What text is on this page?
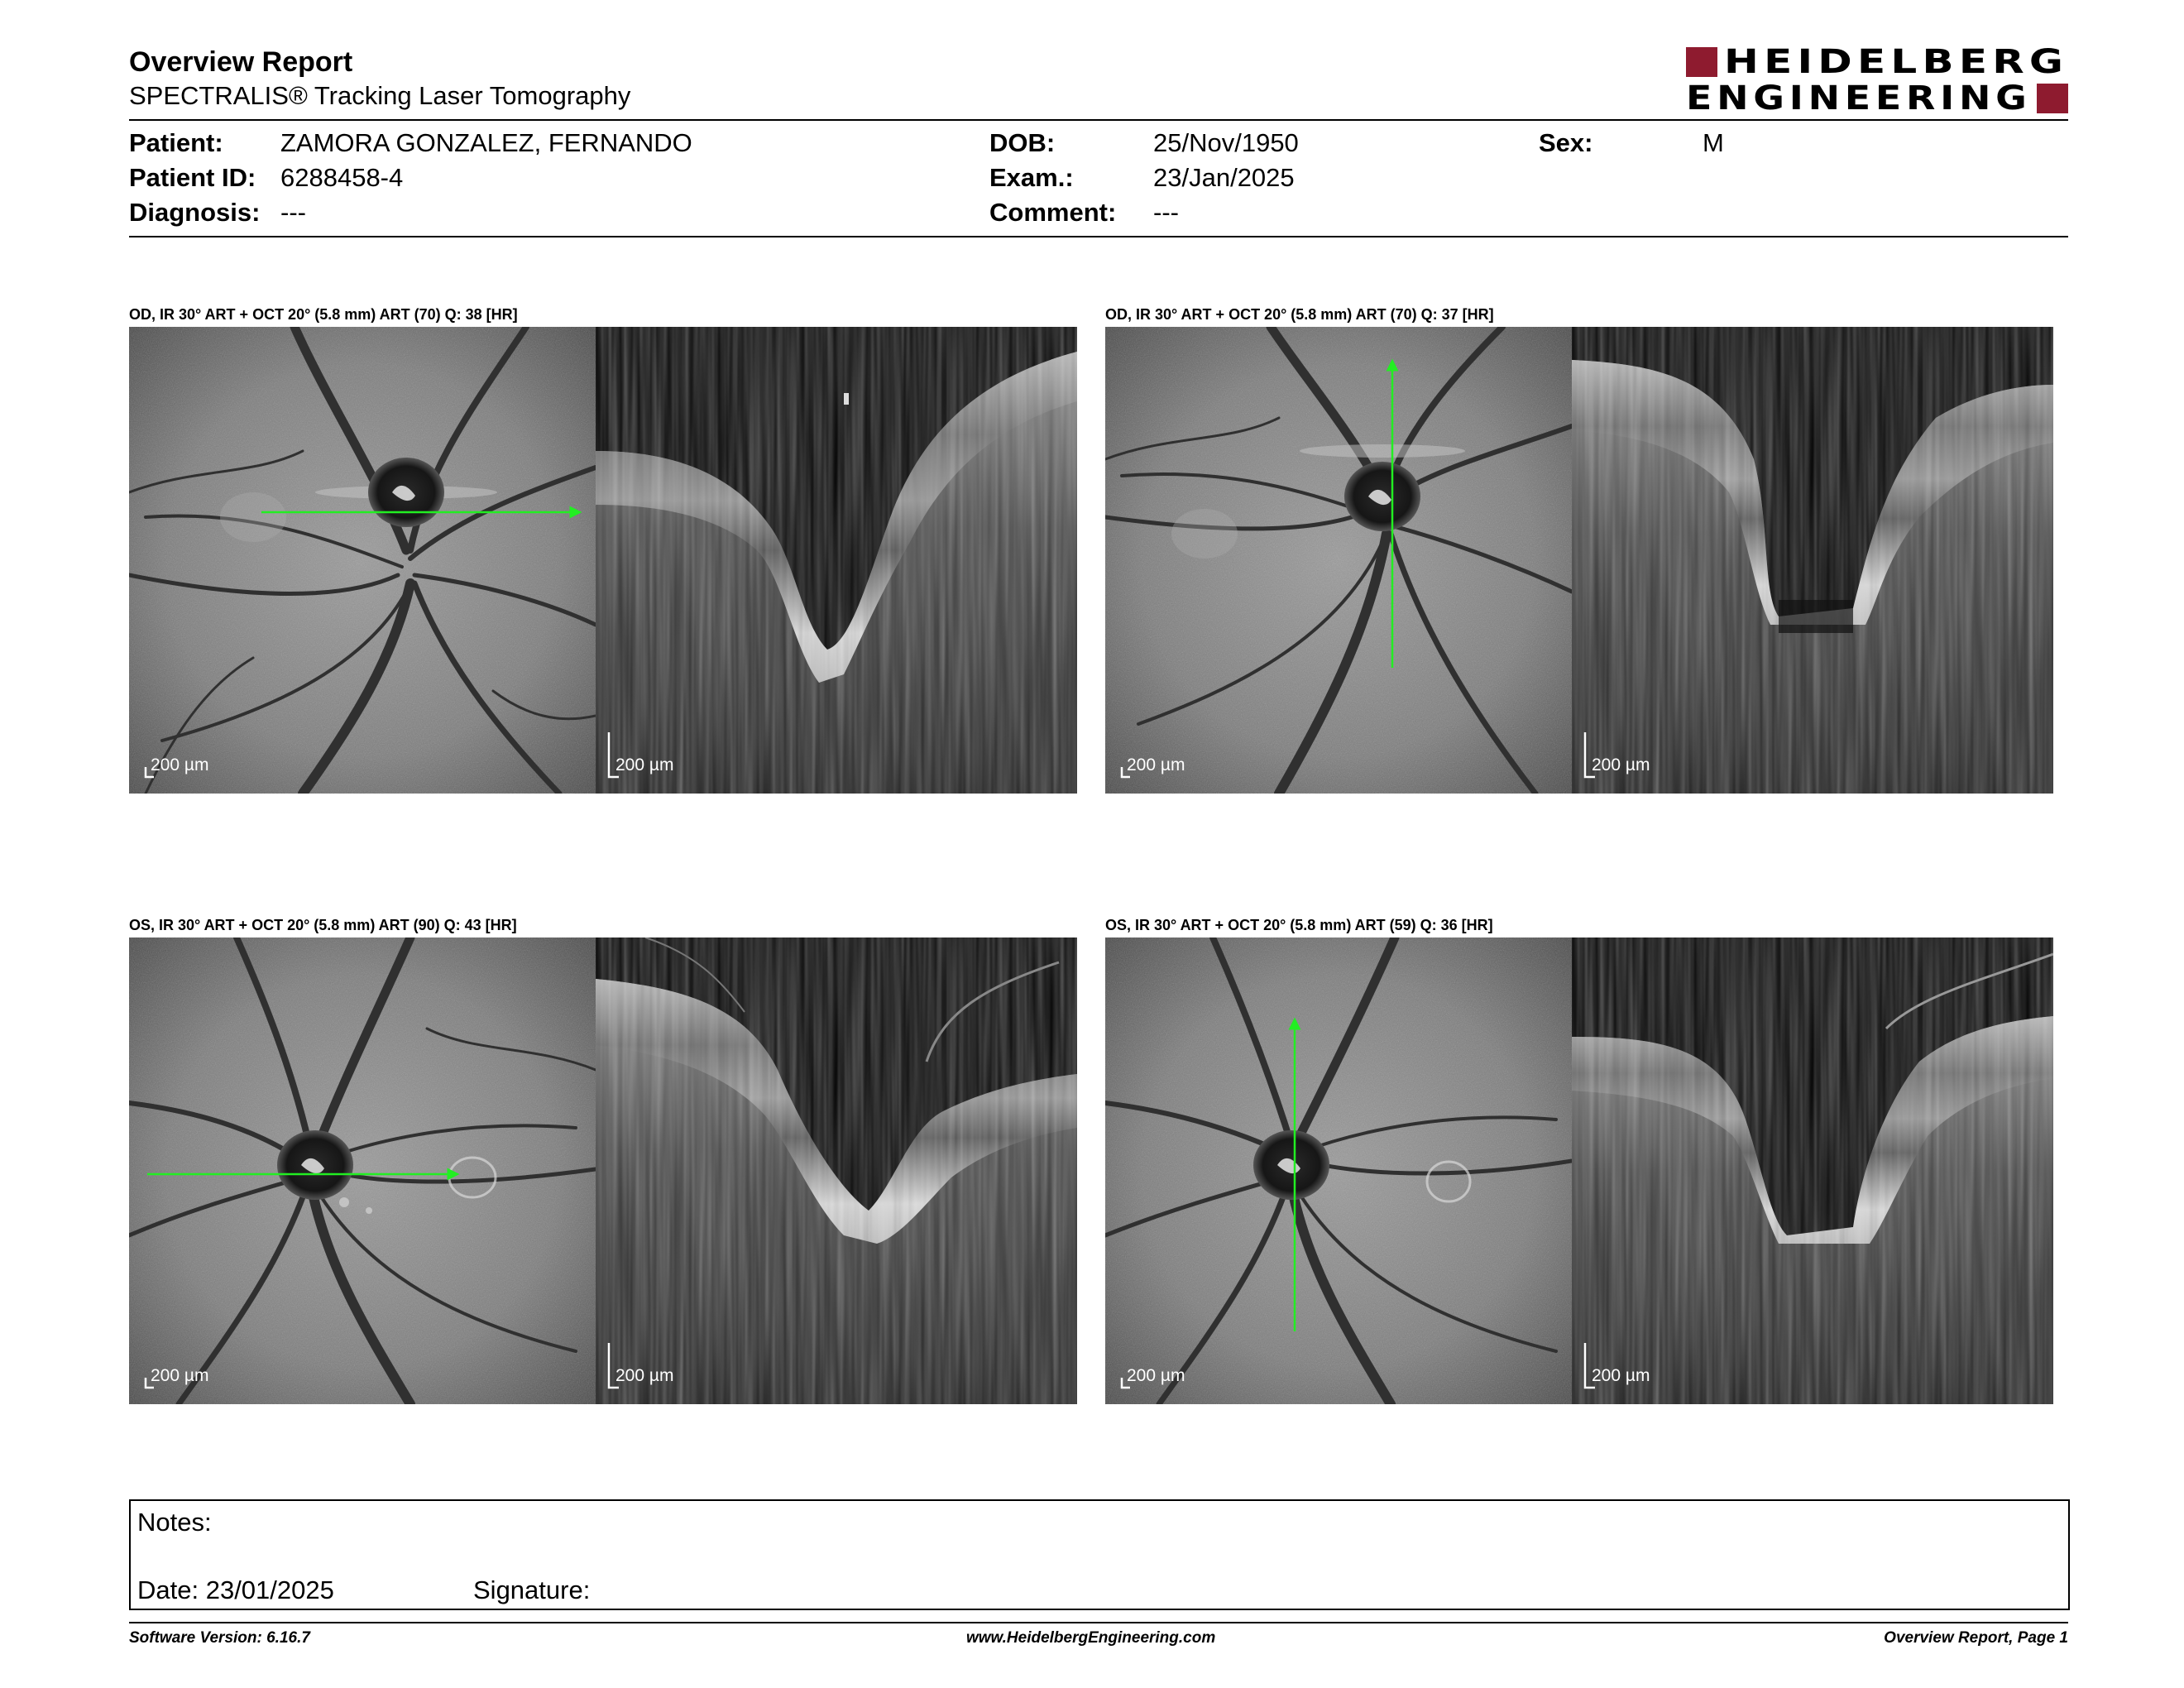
Overview Report
SPECTRALIS® Tracking Laser Tomography
HEIDELBERG
ENGINEERING
Patient: ZAMORA GONZALEZ, FERNANDO
Patient ID: 6288458-4
Diagnosis: ---
DOB:	25/Nov/1950
Exam.:	23/Jan/2025
Comment: ---
Sex:	M
OD, IR 30° ART + OCT 20° (5.8 mm) ART (70) Q: 38 [HR]
200 µm	200 µm
OD, IR 30° ART + OCT 20° (5.8 mm) ART (70) Q: 37 [HR]
200 µm	200 µm
OS, IR 30° ART + OCT 20° (5.8 mm) ART (90) Q: 43 [HR]
200 µm	200 µm
OS, IR 30° ART + OCT 20° (5.8 mm) ART (59) Q: 36 [HR]
200 µm	200 µm
Notes:
Date: 23/01/2025	Signature:
Software Version: 6.16.7	www.HeidelbergEngineering.com	Overview Report, Page 1
